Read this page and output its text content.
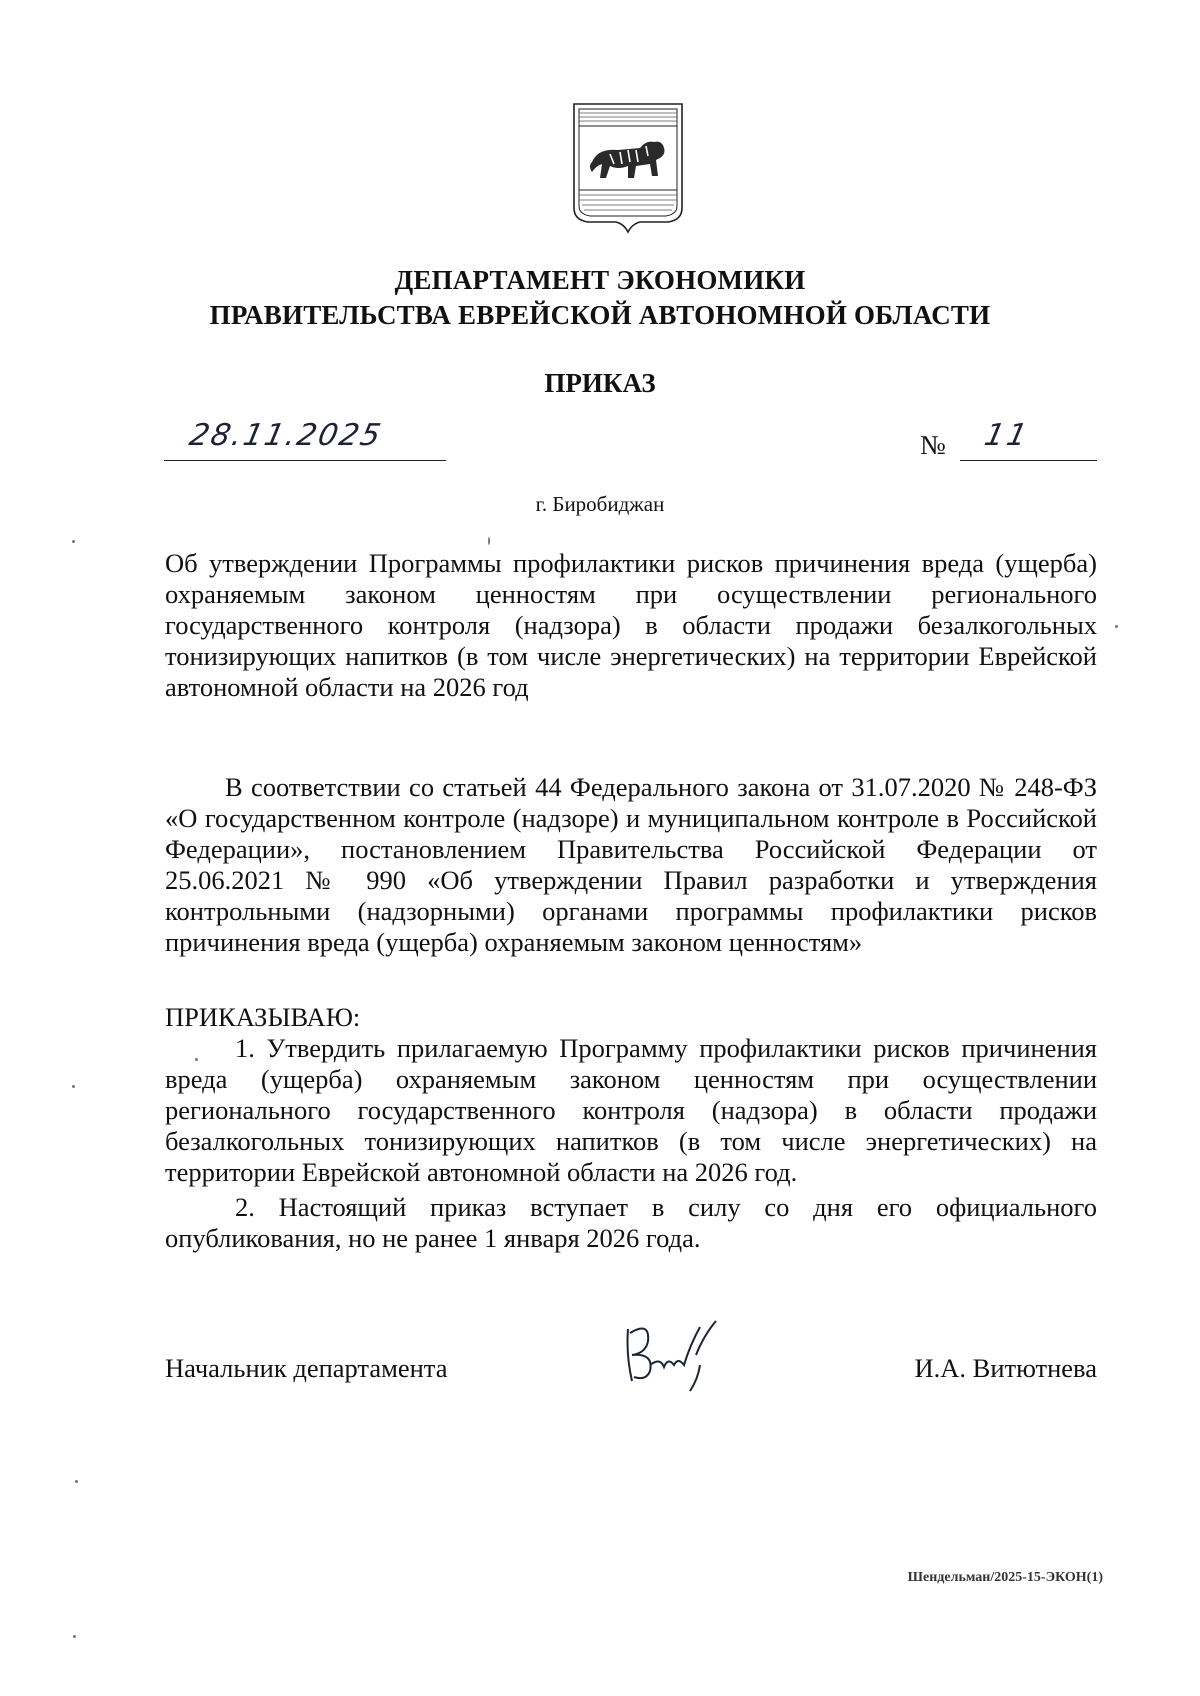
ДЕПАРТАМЕНТ ЭКОНОМИКИ
ПРАВИТЕЛЬСТВА ЕВРЕЙСКОЙ АВТОНОМНОЙ ОБЛАСТИ
ПРИКАЗ
28.11.2025	№ 11
г. Биробиджан

Об утверждении Программы профилактики рисков причинения вреда (ущерба) охраняемым законом ценностям при осуществлении регионального государственного контроля (надзора) в области продажи безалкогольных тонизирующих напитков (в том числе энергетических) на территории Еврейской автономной области на 2026 год

В соответствии со статьей 44 Федерального закона от 31.07.2020 № 248-ФЗ «О государственном контроле (надзоре) и муниципальном контроле в Российской Федерации», постановлением Правительства Российской Федерации от 25.06.2021 № 990 «Об утверждении Правил разработки и утверждения контрольными (надзорными) органами программы профилактики рисков причинения вреда (ущерба) охраняемым законом ценностям»

ПРИКАЗЫВАЮ:

1. Утвердить прилагаемую Программу профилактики рисков причинения вреда (ущерба) охраняемым законом ценностям при осуществлении регионального государственного контроля (надзора) в области продажи безалкогольных тонизирующих напитков (в том числе энергетических) на территории Еврейской автономной области на 2026 год.

2. Настоящий приказ вступает в силу со дня его официального опубликования, но не ранее 1 января 2026 года.

Начальник департамента	И.А. Витютнева
Шендельман/2025-15-ЭКОН(1)
